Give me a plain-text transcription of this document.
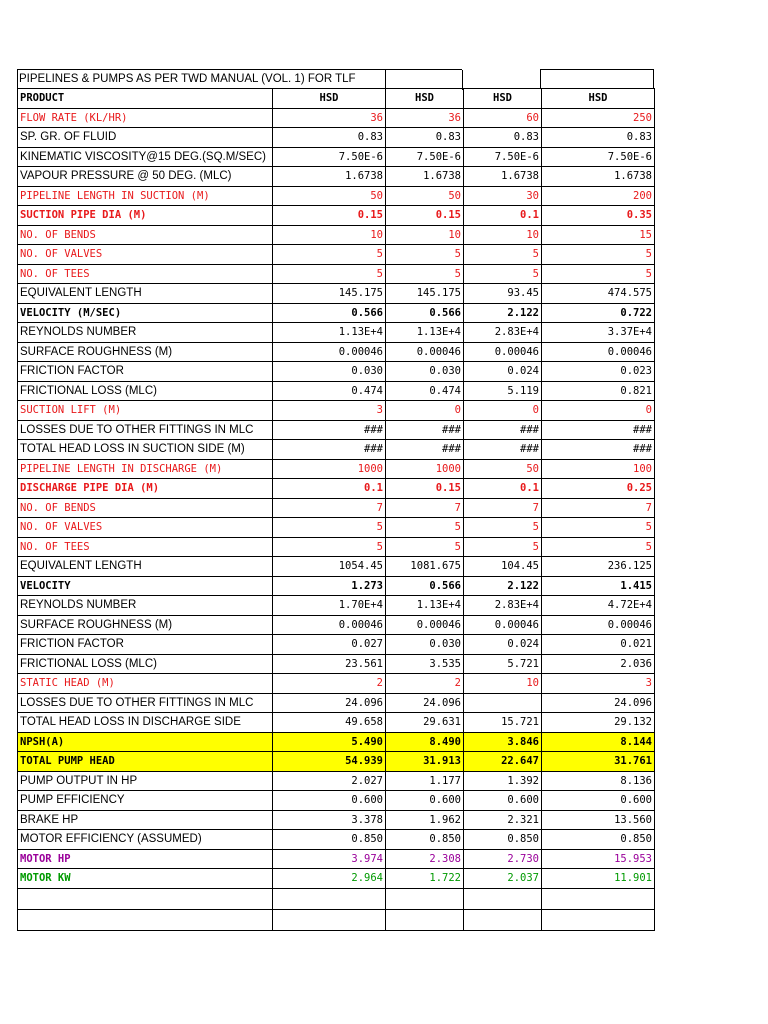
PIPELINES & PUMPS AS PER TWD MANUAL (VOL. 1) FOR TLF
PRODUCT	HSD	HSD	HSD	HSD
FLOW RATE (KL/HR)	36	36	60	250
SP. GR. OF FLUID	0.83	0.83	0.83	0.83
KINEMATIC VISCOSITY@15 DEG.(SQ.M/SEC)	7.50E-6	7.50E-6	7.50E-6	7.50E-6
VAPOUR PRESSURE @ 50 DEG. (MLC)	1.6738	1.6738	1.6738	1.6738
PIPELINE LENGTH IN SUCTION (M)	50	50	30	200
SUCTION PIPE DIA (M)	0.15	0.15	0.1	0.35
NO. OF BENDS	10	10	10	15
NO. OF VALVES	5	5	5	5
NO. OF TEES	5	5	5	5
EQUIVALENT LENGTH	145.175	145.175	93.45	474.575
VELOCITY (M/SEC)	0.566	0.566	2.122	0.722
REYNOLDS NUMBER	1.13E+4	1.13E+4	2.83E+4	3.37E+4
SURFACE ROUGHNESS (M)	0.00046	0.00046	0.00046	0.00046
FRICTION FACTOR	0.030	0.030	0.024	0.023
FRICTIONAL LOSS (MLC)	0.474	0.474	5.119	0.821
SUCTION LIFT (M)	3	0	0	0
LOSSES DUE TO OTHER FITTINGS IN MLC	###	###	###	###
TOTAL HEAD LOSS IN SUCTION SIDE (M)	###	###	###	###
PIPELINE LENGTH IN DISCHARGE (M)	1000	1000	50	100
DISCHARGE PIPE DIA (M)	0.1	0.15	0.1	0.25
NO. OF BENDS	7	7	7	7
NO. OF VALVES	5	5	5	5
NO. OF TEES	5	5	5	5
EQUIVALENT LENGTH	1054.45	1081.675	104.45	236.125
VELOCITY	1.273	0.566	2.122	1.415
REYNOLDS NUMBER	1.70E+4	1.13E+4	2.83E+4	4.72E+4
SURFACE ROUGHNESS (M)	0.00046	0.00046	0.00046	0.00046
FRICTION FACTOR	0.027	0.030	0.024	0.021
FRICTIONAL LOSS (MLC)	23.561	3.535	5.721	2.036
STATIC HEAD (M)	2	2	10	3
LOSSES DUE TO OTHER FITTINGS IN MLC	24.096	24.096		24.096
TOTAL HEAD LOSS IN DISCHARGE SIDE	49.658	29.631	15.721	29.132
NPSH(A)	5.490	8.490	3.846	8.144
TOTAL PUMP HEAD	54.939	31.913	22.647	31.761
PUMP OUTPUT IN HP	2.027	1.177	1.392	8.136
PUMP EFFICIENCY	0.600	0.600	0.600	0.600
BRAKE HP	3.378	1.962	2.321	13.560
MOTOR EFFICIENCY (ASSUMED)	0.850	0.850	0.850	0.850
MOTOR HP	3.974	2.308	2.730	15.953
MOTOR KW	2.964	1.722	2.037	11.901
